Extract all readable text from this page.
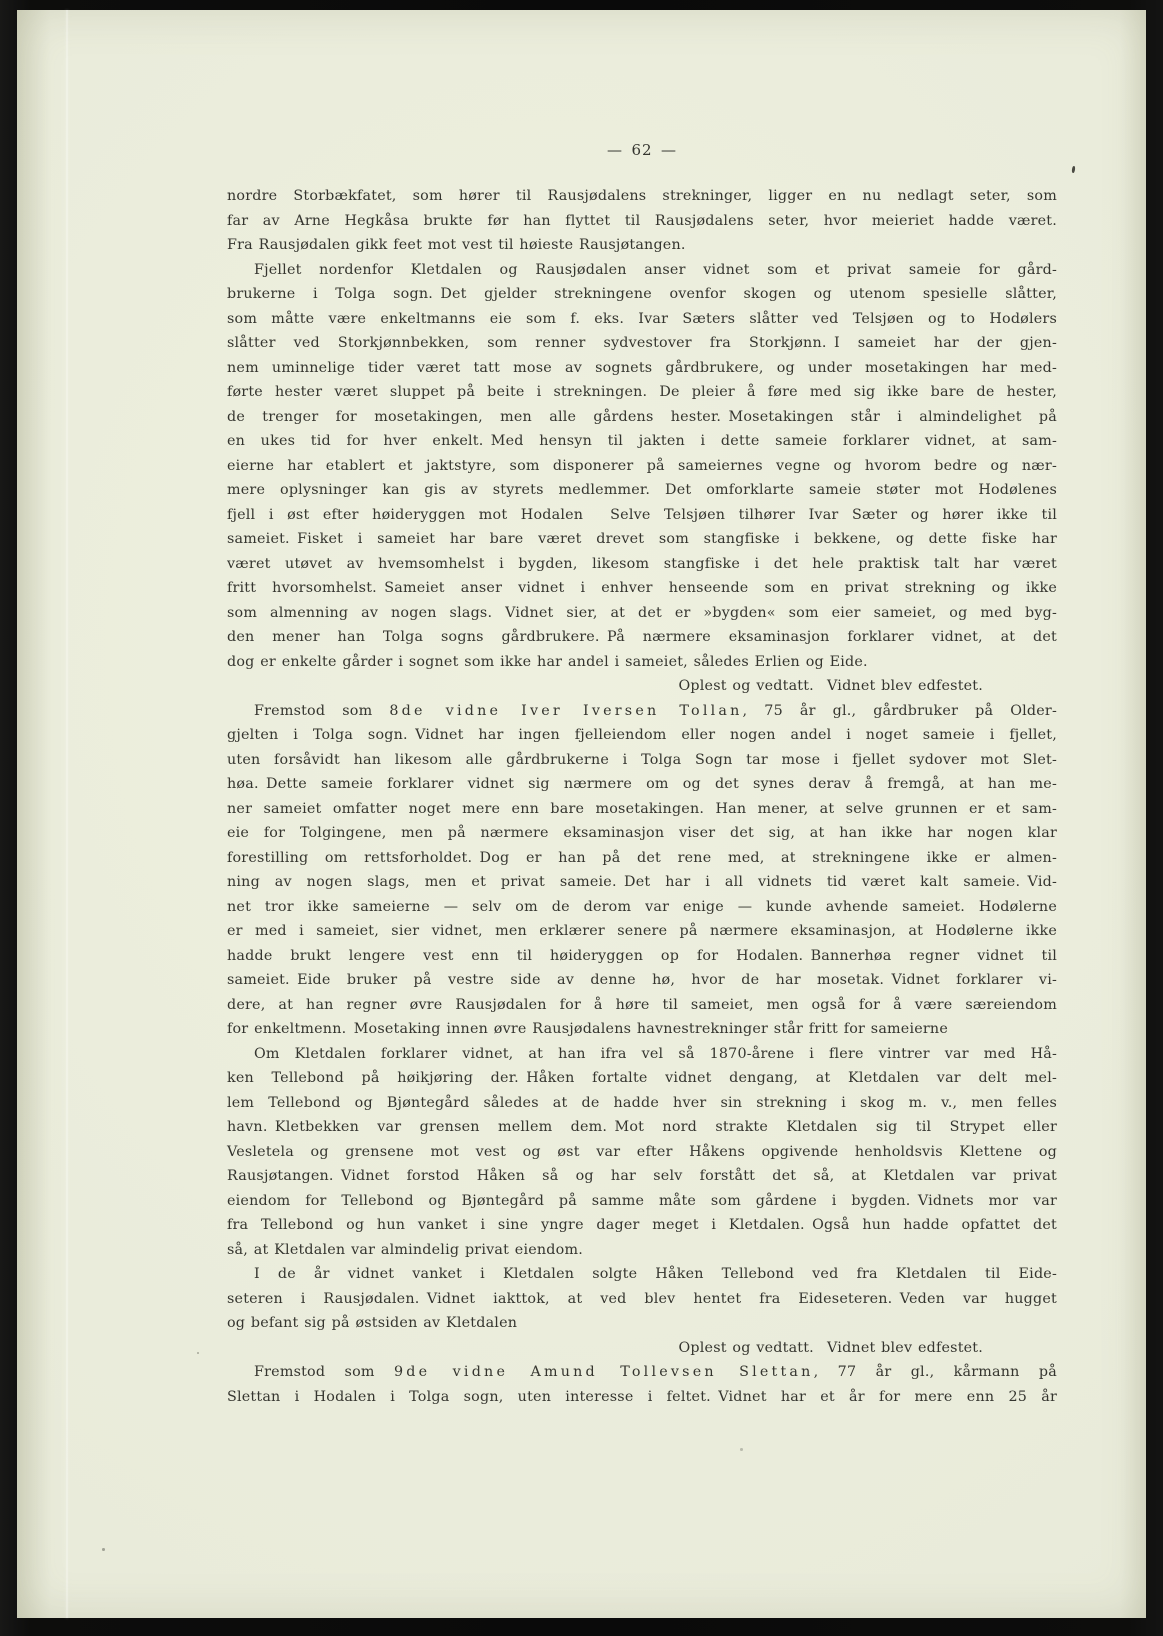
— 62 —
nordre Storbækfatet, som hører til Rausjødalens strekninger, ligger en nu nedlagt seter, som
far av Arne Hegkåsa brukte før han flyttet til Rausjødalens seter, hvor meieriet hadde været.
Fra Rausjødalen gikk feet mot vest til høieste Rausjøtangen.
Fjellet nordenfor Kletdalen og Rausjødalen anser vidnet som et privat sameie for gård-
brukerne i Tolga sogn. Det gjelder strekningene ovenfor skogen og utenom spesielle slåtter,
som måtte være enkeltmanns eie som f. eks. Ivar Sæters slåtter ved Telsjøen og to Hodølers
slåtter ved Storkjønnbekken, som renner sydvestover fra Storkjønn. I sameiet har der gjen-
nem uminnelige tider været tatt mose av sognets gårdbrukere, og under mosetakingen har med-
førte hester været sluppet på beite i strekningen. De pleier å føre med sig ikke bare de hester,
de trenger for mosetakingen, men alle gårdens hester. Mosetakingen står i almindelighet på
en ukes tid for hver enkelt. Med hensyn til jakten i dette sameie forklarer vidnet, at sam-
eierne har etablert et jaktstyre, som disponerer på sameiernes vegne og hvorom bedre og nær-
mere oplysninger kan gis av styrets medlemmer. Det omforklarte sameie støter mot Hodølenes
fjell i øst efter høideryggen mot Hodalen  Selve Telsjøen tilhører Ivar Sæter og hører ikke til
sameiet. Fisket i sameiet har bare været drevet som stangfiske i bekkene, og dette fiske har
været utøvet av hvemsomhelst i bygden, likesom stangfiske i det hele praktisk talt har været
fritt hvorsomhelst. Sameiet anser vidnet i enhver henseende som en privat strekning og ikke
som almenning av nogen slags. Vidnet sier, at det er »bygden« som eier sameiet, og med byg-
den mener han Tolga sogns gårdbrukere. På nærmere eksaminasjon forklarer vidnet, at det
dog er enkelte gårder i sognet som ikke har andel i sameiet, således Erlien og Eide.
Oplest og vedtatt.  Vidnet blev edfestet.
Fremstod som 8de vidne Iver Iversen Tollan, 75 år gl., gårdbruker på Older-
gjelten i Tolga sogn. Vidnet har ingen fjelleiendom eller nogen andel i noget sameie i fjellet,
uten forsåvidt han likesom alle gårdbrukerne i Tolga Sogn tar mose i fjellet sydover mot Slet-
høa. Dette sameie forklarer vidnet sig nærmere om og det synes derav å fremgå, at han me-
ner sameiet omfatter noget mere enn bare mosetakingen. Han mener, at selve grunnen er et sam-
eie for Tolgingene, men på nærmere eksaminasjon viser det sig, at han ikke har nogen klar
forestilling om rettsforholdet. Dog er han på det rene med, at strekningene ikke er almen-
ning av nogen slags, men et privat sameie. Det har i all vidnets tid været kalt sameie. Vid-
net tror ikke sameierne — selv om de derom var enige — kunde avhende sameiet. Hodølerne
er med i sameiet, sier vidnet, men erklærer senere på nærmere eksaminasjon, at Hodølerne ikke
hadde brukt lengere vest enn til høideryggen op for Hodalen. Bannerhøa regner vidnet til
sameiet. Eide bruker på vestre side av denne hø, hvor de har mosetak. Vidnet forklarer vi-
dere, at han regner øvre Rausjødalen for å høre til sameiet, men også for å være særeiendom
for enkeltmenn. Mosetaking innen øvre Rausjødalens havnestrekninger står fritt for sameierne
Om Kletdalen forklarer vidnet, at han ifra vel så 1870-årene i flere vintrer var med Hå-
ken Tellebond på høikjøring der. Håken fortalte vidnet dengang, at Kletdalen var delt mel-
lem Tellebond og Bjøntegård således at de hadde hver sin strekning i skog m. v., men felles
havn. Kletbekken var grensen mellem dem. Mot nord strakte Kletdalen sig til Strypet eller
Vesletela og grensene mot vest og øst var efter Håkens opgivende henholdsvis Klettene og
Rausjøtangen. Vidnet forstod Håken så og har selv forstått det så, at Kletdalen var privat
eiendom for Tellebond og Bjøntegård på samme måte som gårdene i bygden. Vidnets mor var
fra Tellebond og hun vanket i sine yngre dager meget i Kletdalen. Også hun hadde opfattet det
så, at Kletdalen var almindelig privat eiendom.
I de år vidnet vanket i Kletdalen solgte Håken Tellebond ved fra Kletdalen til Eide-
seteren i Rausjødalen. Vidnet iakttok, at ved blev hentet fra Eideseteren. Veden var hugget
og befant sig på østsiden av Kletdalen
Oplest og vedtatt.  Vidnet blev edfestet.
Fremstod som 9de vidne Amund Tollevsen Slettan, 77 år gl., kårmann på
Slettan i Hodalen i Tolga sogn, uten interesse i feltet. Vidnet har et år for mere enn 25 år
